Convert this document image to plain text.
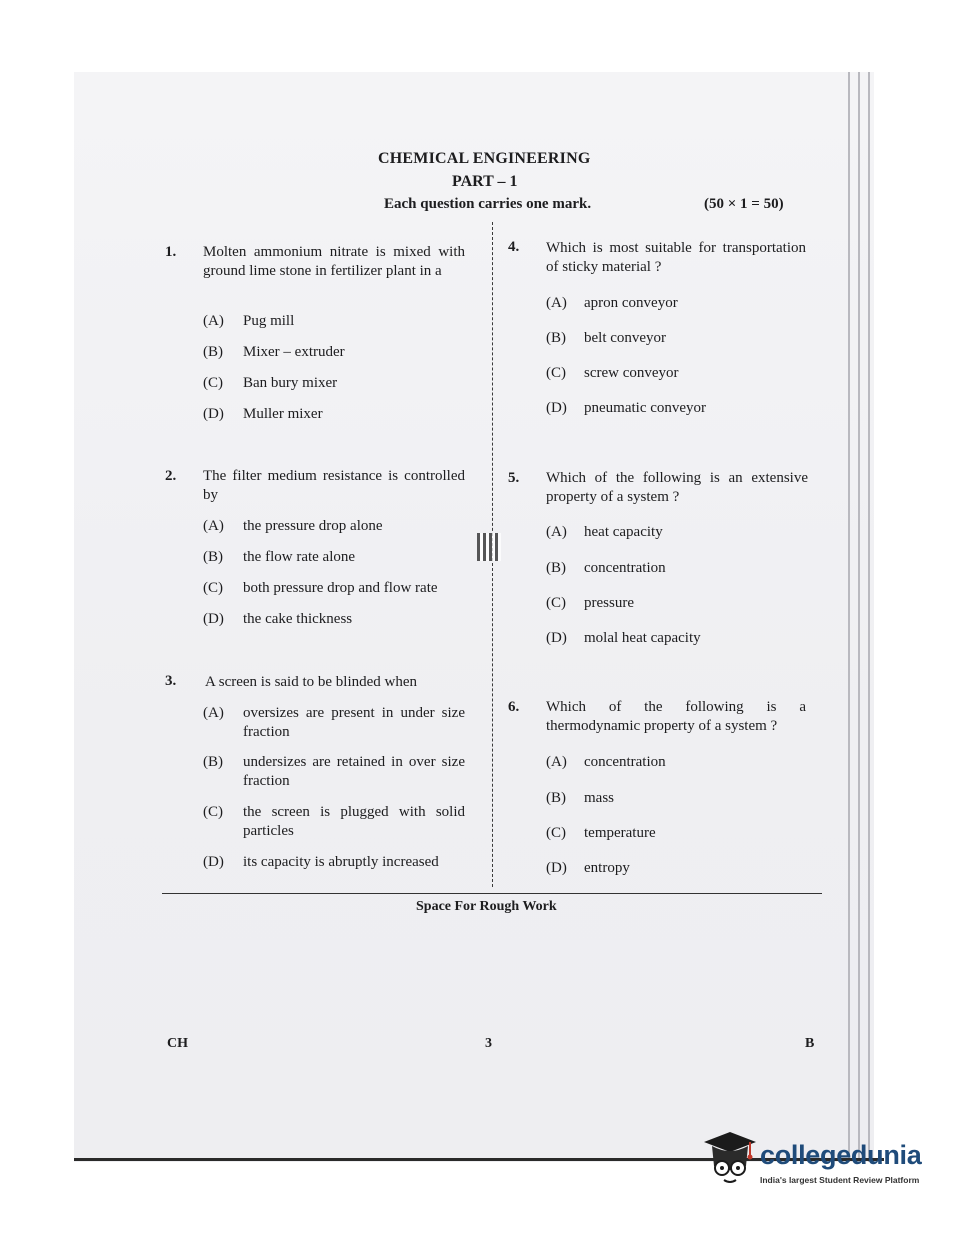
CHEMICAL ENGINEERING
PART – 1
Each question carries one mark.	(50 × 1 = 50)
1. Molten ammonium nitrate is mixed with ground lime stone in fertilizer plant in a
(A) Pug mill
(B) Mixer – extruder
(C) Ban bury mixer
(D) Muller mixer
2. The filter medium resistance is controlled by
(A) the pressure drop alone
(B) the flow rate alone
(C) both pressure drop and flow rate
(D) the cake thickness
3. A screen is said to be blinded when
(A) oversizes are present in under size fraction
(B) undersizes are retained in over size fraction
(C) the screen is plugged with solid particles
(D) its capacity is abruptly increased
4. Which is most suitable for transportation of sticky material ?
(A) apron conveyor
(B) belt conveyor
(C) screw conveyor
(D) pneumatic conveyor
5. Which of the following is an extensive property of a system ?
(A) heat capacity
(B) concentration
(C) pressure
(D) molal heat capacity
6. Which of the following is a thermodynamic property of a system ?
(A) concentration
(B) mass
(C) temperature
(D) entropy
Space For Rough Work
CH	3	B
collegedunia
India's largest Student Review Platform
